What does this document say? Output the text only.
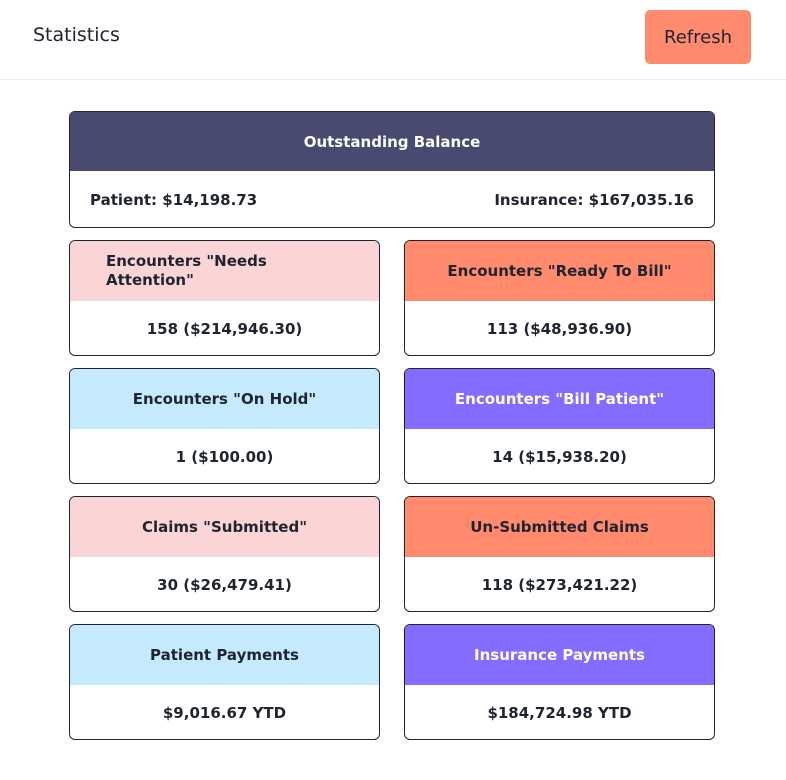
Statistics	Refresh
Outstanding Balance
Patient: $14,198.73	Insurance: $167,035.16
Encounters "Needs Attention"
158 ($214,946.30)
Encounters "Ready To Bill"
113 ($48,936.90)
Encounters "On Hold"
1 ($100.00)
Encounters "Bill Patient"
14 ($15,938.20)
Claims "Submitted"
30 ($26,479.41)
Un-Submitted Claims
118 ($273,421.22)
Patient Payments
$9,016.67 YTD
Insurance Payments
$184,724.98 YTD
